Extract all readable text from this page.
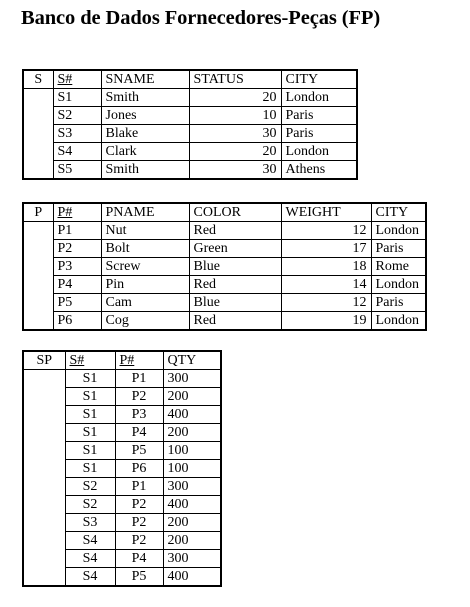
Banco de Dados Fornecedores-Peças (FP)
S	S#	SNAME	STATUS	CITY
	S1	Smith	20	London
	S2	Jones	10	Paris
	S3	Blake	30	Paris
	S4	Clark	20	London
	S5	Smith	30	Athens
P	P#	PNAME	COLOR	WEIGHT	CITY
	P1	Nut	Red	12	London
	P2	Bolt	Green	17	Paris
	P3	Screw	Blue	18	Rome
	P4	Pin	Red	14	London
	P5	Cam	Blue	12	Paris
	P6	Cog	Red	19	London
SP	S#	P#	QTY
	S1	P1	300
	S1	P2	200
	S1	P3	400
	S1	P4	200
	S1	P5	100
	S1	P6	100
	S2	P1	300
	S2	P2	400
	S3	P2	200
	S4	P2	200
	S4	P4	300
	S4	P5	400
